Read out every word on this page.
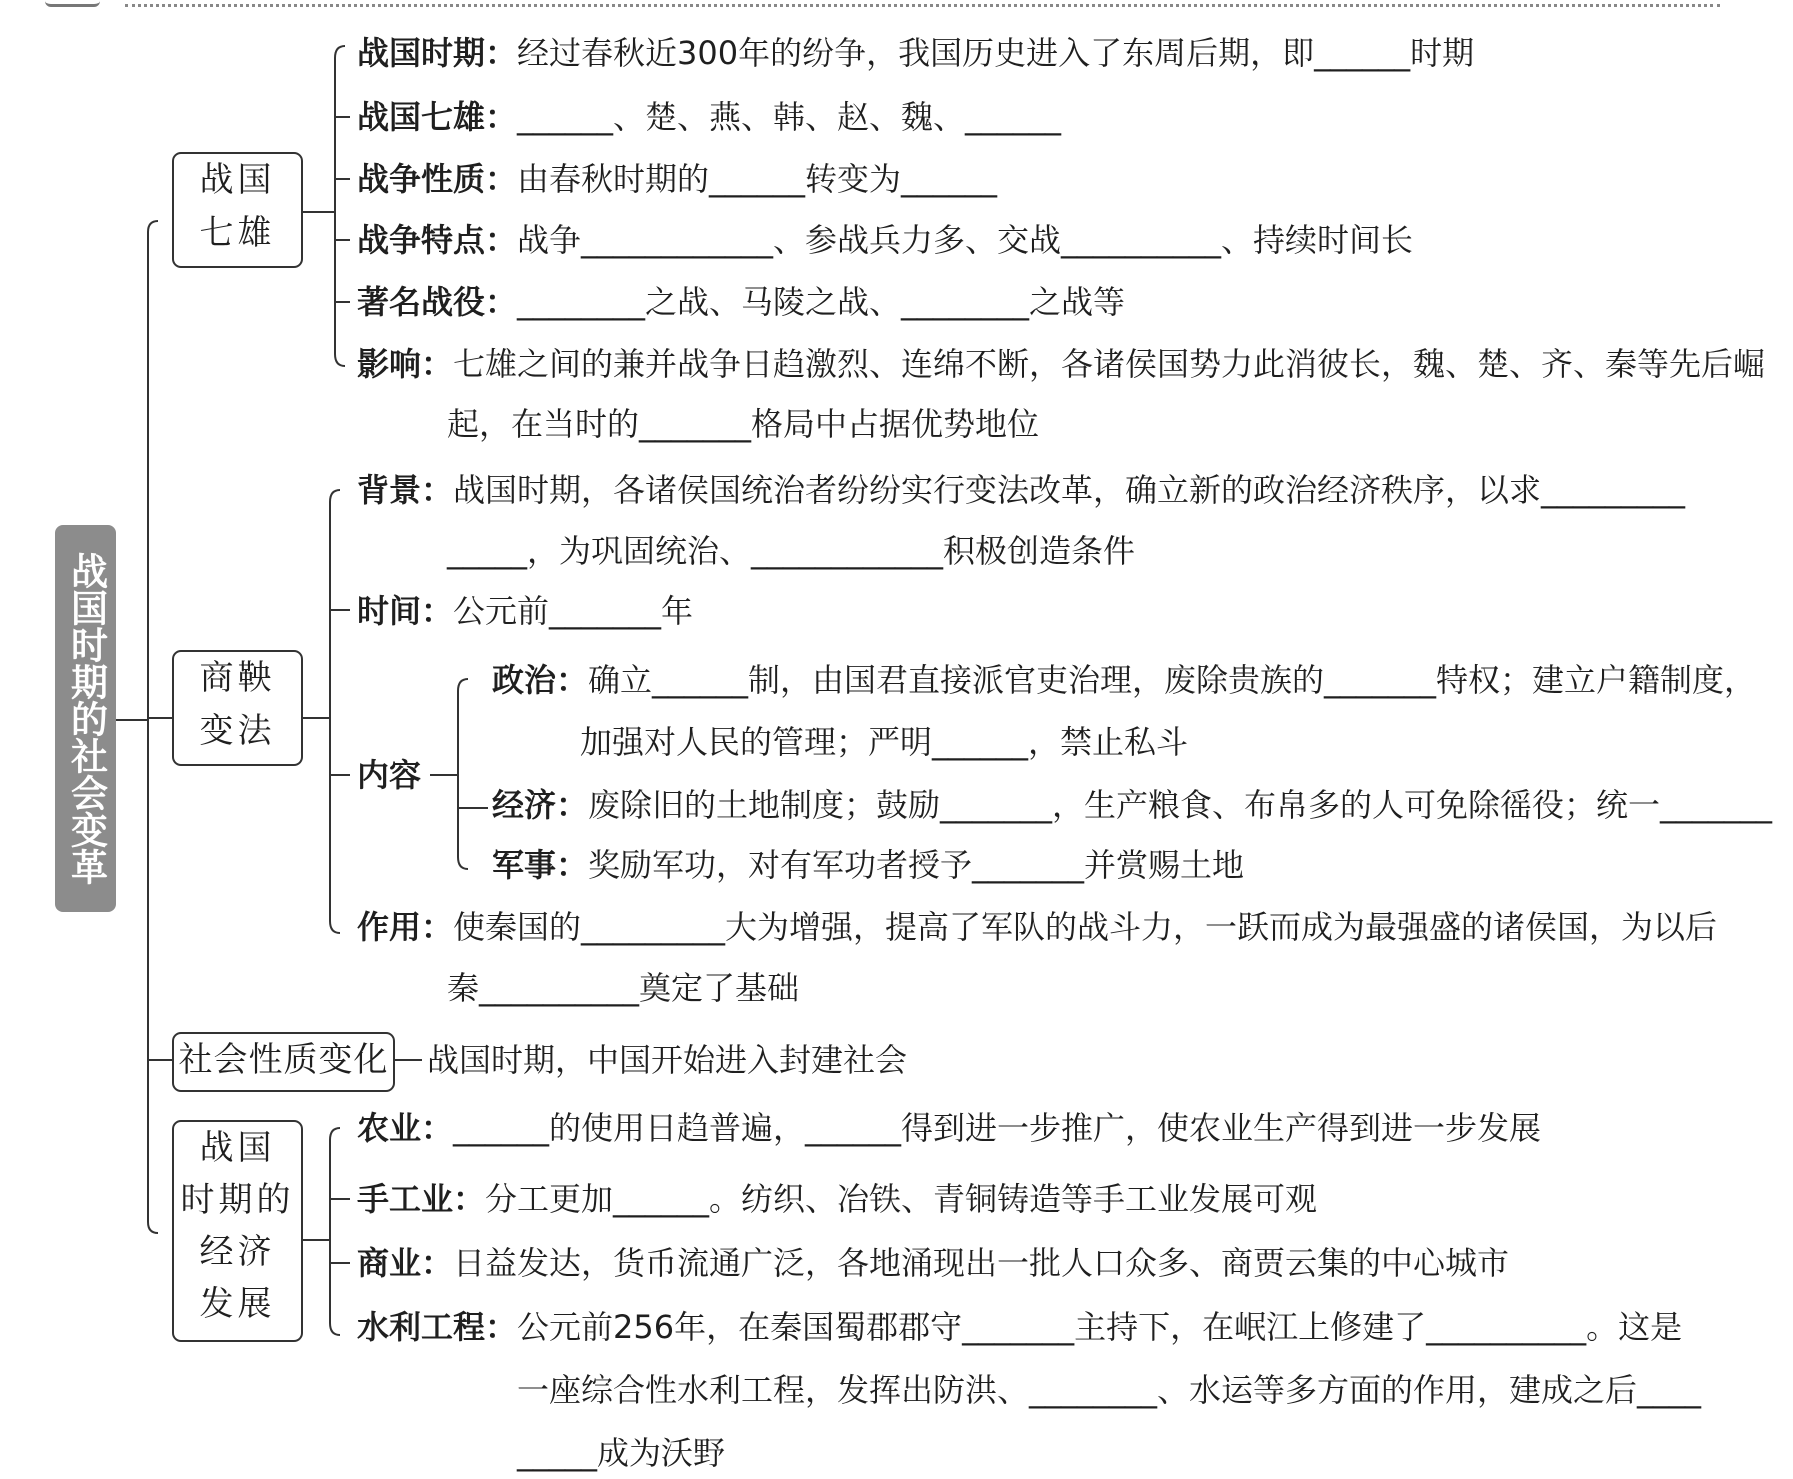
战国时期的社会变革
战国
七雄
战国时期：经过春秋近300年的纷争，我国历史进入了东周后期，即______时期
战国七雄：______、楚、燕、韩、赵、魏、______
战争性质：由春秋时期的______转变为______
战争特点：战争____________、参战兵力多、交战__________、持续时间长
著名战役：________之战、马陵之战、________之战等
影响：七雄之间的兼并战争日趋激烈、连绵不断，各诸侯国势力此消彼长，魏、楚、齐、秦等先后崛
起，在当时的_______格局中占据优势地位
商鞅
变法
背景：战国时期，各诸侯国统治者纷纷实行变法改革，确立新的政治经济秩序，以求_________
_____，为巩固统治、____________积极创造条件
时间：公元前_______年
内容
政治：确立______制，由国君直接派官吏治理，废除贵族的_______特权；建立户籍制度，
加强对人民的管理；严明______，禁止私斗
经济：废除旧的土地制度；鼓励_______，生产粮食、布帛多的人可免除徭役；统一_______
军事：奖励军功，对有军功者授予_______并赏赐土地
作用：使秦国的_________大为增强，提高了军队的战斗力，一跃而成为最强盛的诸侯国，为以后
秦__________奠定了基础
社会性质变化 战国时期，中国开始进入封建社会
战国
时期的
经济
发展
农业：______的使用日趋普遍，______得到进一步推广，使农业生产得到进一步发展
手工业：分工更加______。纺织、冶铁、青铜铸造等手工业发展可观
商业：日益发达，货币流通广泛，各地涌现出一批人口众多、商贾云集的中心城市
水利工程：公元前256年，在秦国蜀郡郡守_______主持下，在岷江上修建了__________。这是
一座综合性水利工程，发挥出防洪、________、水运等多方面的作用，建成之后____
_____成为沃野
